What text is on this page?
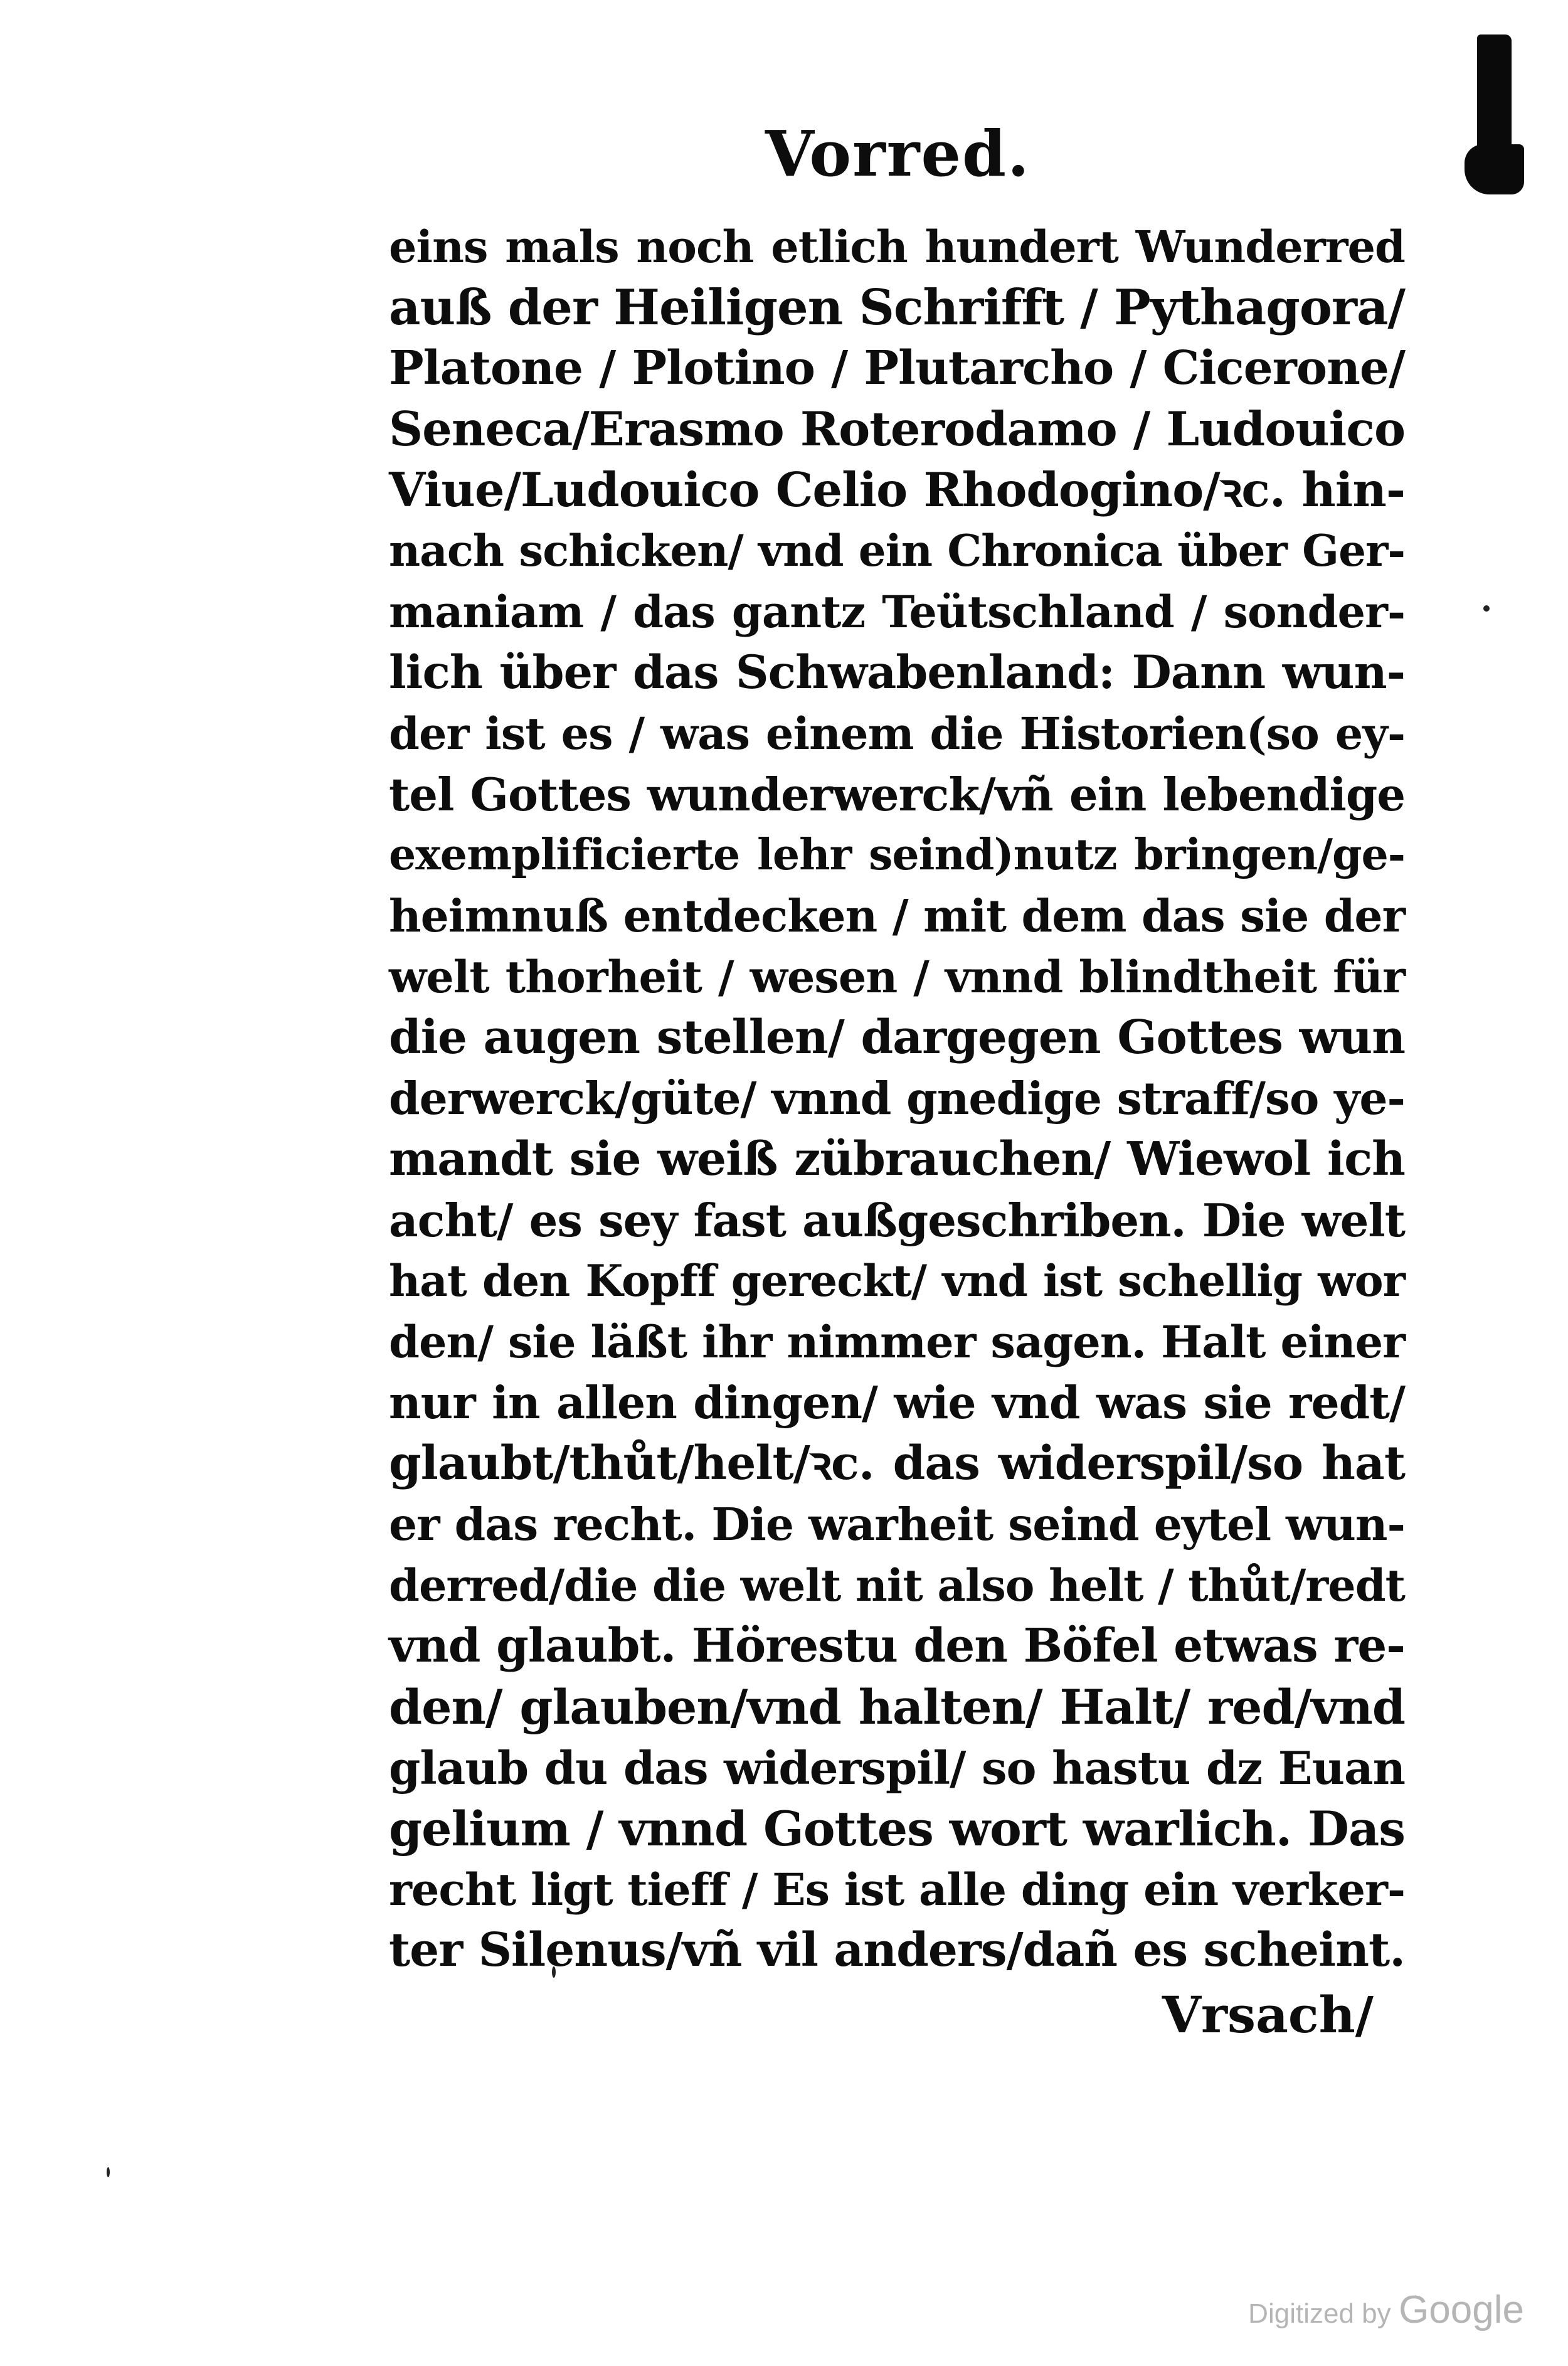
Vorred.
eins mals noch etlich hundert Wunderred
auß der Heiligen Schrifft / Pythagora/
Platone / Plotino / Plutarcho / Cicerone/
Seneca/Erasmo Roterodamo / Ludouico
Viue/Ludouico Celio Rhodogino/ꝛc. hin-
nach schicken/ vnd ein Chronica über Ger-
maniam / das gantz Teütschland / sonder-
lich über das Schwabenland: Dann wun-
der ist es / was einem die Historien(so ey-
tel Gottes wunderwerck/vñ ein lebendige
exemplificierte lehr seind)nutz bringen/ge-
heimnuß entdecken / mit dem das sie der
welt thorheit / wesen / vnnd blindtheit für
die augen stellen/ dargegen Gottes wun
derwerck/güte/ vnnd gnedige straff/so ye-
mandt sie weiß zübrauchen/ Wiewol ich
acht/ es sey fast außgeschriben. Die welt
hat den Kopff gereckt/ vnd ist schellig wor
den/ sie läßt ihr nimmer sagen. Halt einer
nur in allen dingen/ wie vnd was sie redt/
glaubt/thůt/helt/ꝛc. das widerspil/so hat
er das recht. Die warheit seind eytel wun-
derred/die die welt nit also helt / thůt/redt
vnd glaubt. Hörestu den Böfel etwas re-
den/ glauben/vnd halten/ Halt/ red/vnd
glaub du das widerspil/ so hastu dz Euan
gelium / vnnd Gottes wort warlich. Das
recht ligt tieff / Es ist alle ding ein verker-
ter Silenus/vñ vil anders/dañ es scheint.
Vrsach/
Digitized by Google
